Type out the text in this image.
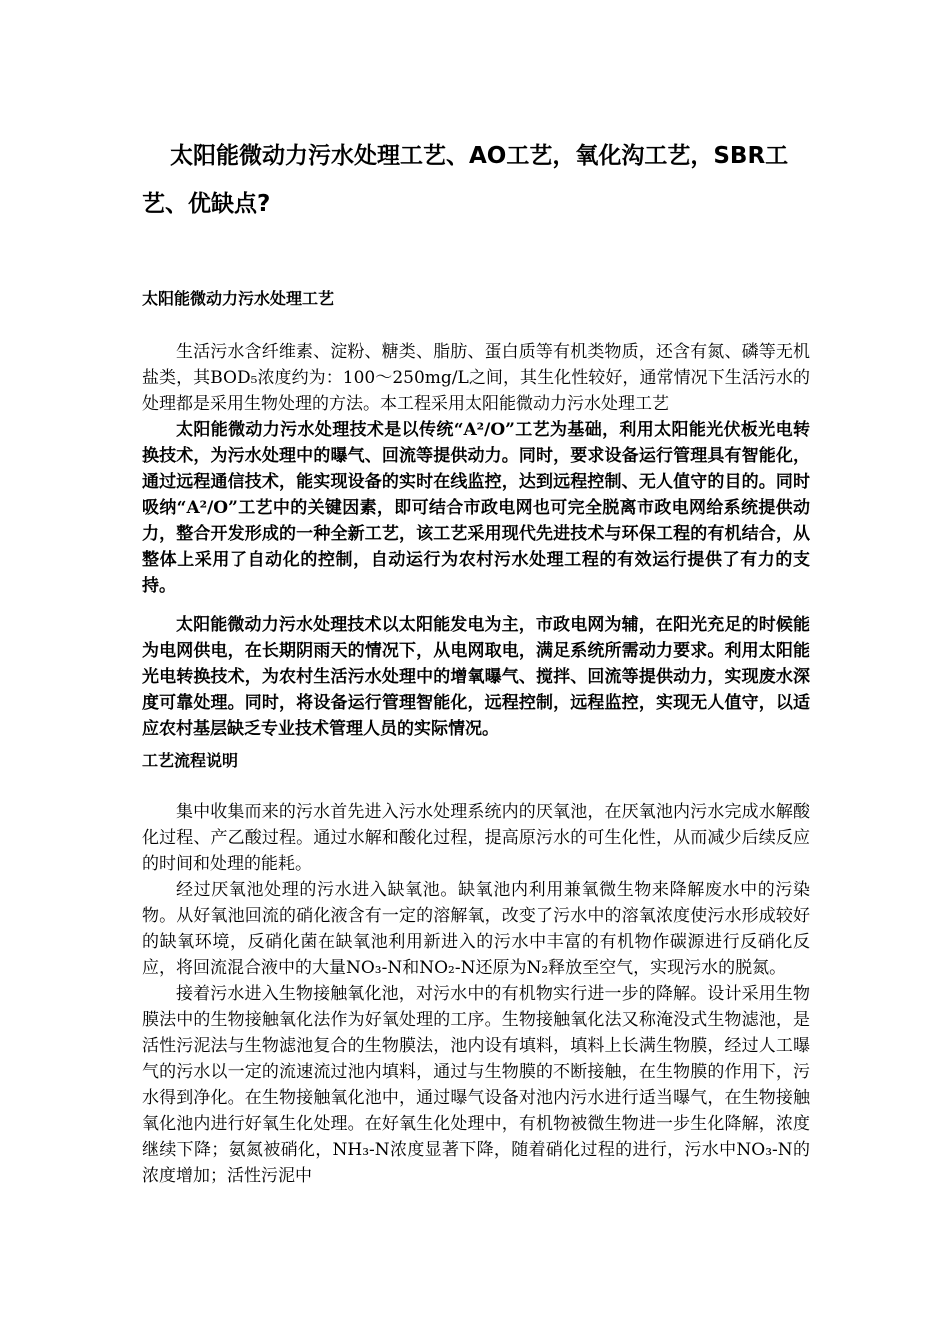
太阳能微动力污水处理工艺、AO工艺，氧化沟工艺，SBR工艺、优缺点?
太阳能微动力污水处理工艺

生活污水含纤维素、淀粉、糖类、脂肪、蛋白质等有机类物质，还含有氮、磷等无机盐类，其BOD₅浓度约为：100～250mg/L之间，其生化性较好，通常情况下生活污水的处理都是采用生物处理的方法。本工程采用太阳能微动力污水处理工艺

太阳能微动力污水处理技术是以传统“A²/O”工艺为基础，利用太阳能光伏板光电转换技术，为污水处理中的曝气、回流等提供动力。同时，要求设备运行管理具有智能化，通过远程通信技术，能实现设备的实时在线监控，达到远程控制、无人值守的目的。同时吸纳“A²/O”工艺中的关键因素，即可结合市政电网也可完全脱离市政电网给系统提供动力，整合开发形成的一种全新工艺，该工艺采用现代先进技术与环保工程的有机结合，从整体上采用了自动化的控制，自动运行为农村污水处理工程的有效运行提供了有力的支持。

太阳能微动力污水处理技术以太阳能发电为主，市政电网为辅，在阳光充足的时候能为电网供电，在长期阴雨天的情况下，从电网取电，满足系统所需动力要求。利用太阳能光电转换技术，为农村生活污水处理中的增氧曝气、搅拌、回流等提供动力，实现废水深度可靠处理。同时，将设备运行管理智能化，远程控制，远程监控，实现无人值守，以适应农村基层缺乏专业技术管理人员的实际情况。

工艺流程说明

集中收集而来的污水首先进入污水处理系统内的厌氧池，在厌氧池内污水完成水解酸化过程、产乙酸过程。通过水解和酸化过程，提高原污水的可生化性，从而减少后续反应的时间和处理的能耗。

经过厌氧池处理的污水进入缺氧池。缺氧池内利用兼氧微生物来降解废水中的污染物。从好氧池回流的硝化液含有一定的溶解氧，改变了污水中的溶氧浓度使污水形成较好的缺氧环境，反硝化菌在缺氧池利用新进入的污水中丰富的有机物作碳源进行反硝化反应，将回流混合液中的大量NO₃-N和NO₂-N还原为N₂释放至空气，实现污水的脱氮。

接着污水进入生物接触氧化池，对污水中的有机物实行进一步的降解。设计采用生物膜法中的生物接触氧化法作为好氧处理的工序。生物接触氧化法又称淹没式生物滤池，是活性污泥法与生物滤池复合的生物膜法，池内设有填料，填料上长满生物膜，经过人工曝气的污水以一定的流速流过池内填料，通过与生物膜的不断接触，在生物膜的作用下，污水得到净化。在生物接触氧化池中，通过曝气设备对池内污水进行适当曝气，在生物接触氧化池内进行好氧生化处理。在好氧生化处理中，有机物被微生物进一步生化降解，浓度继续下降；氨氮被硝化，NH₃-N浓度显著下降，随着硝化过程的进行，污水中NO₃-N的浓度增加；活性污泥中
